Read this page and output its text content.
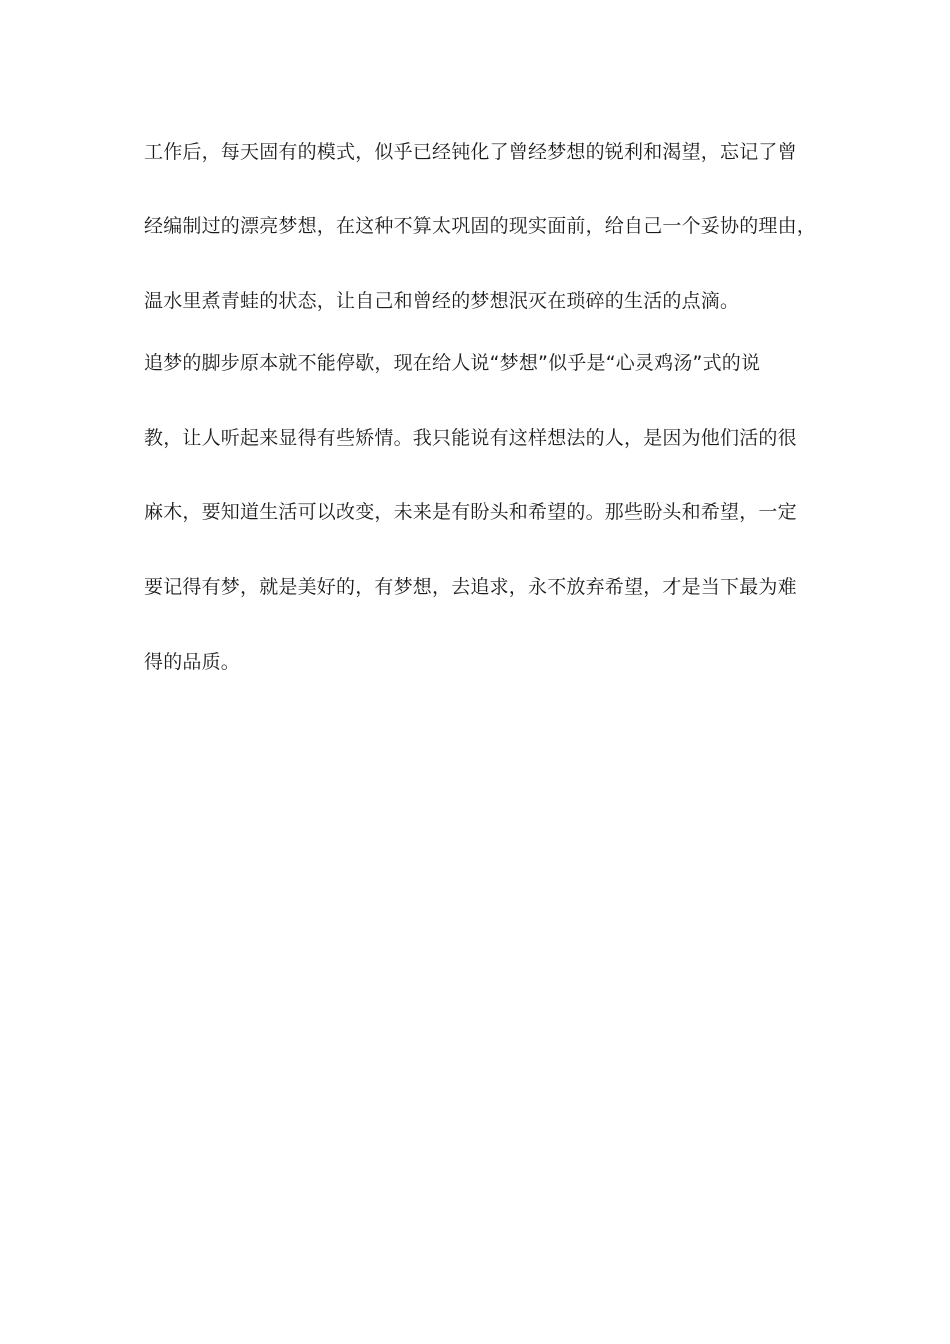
工作后，每天固有的模式，似乎已经钝化了曾经梦想的锐利和渴望，忘记了曾
经编制过的漂亮梦想，在这种不算太巩固的现实面前，给自己一个妥协的理由，
温水里煮青蛙的状态，让自己和曾经的梦想泯灭在琐碎的生活的点滴。
追梦的脚步原本就不能停歇，现在给人说“梦想”似乎是“心灵鸡汤”式的说
教，让人听起来显得有些矫情。我只能说有这样想法的人，是因为他们活的很
麻木，要知道生活可以改变，未来是有盼头和希望的。那些盼头和希望，一定
要记得有梦，就是美好的，有梦想，去追求，永不放弃希望，才是当下最为难
得的品质。
